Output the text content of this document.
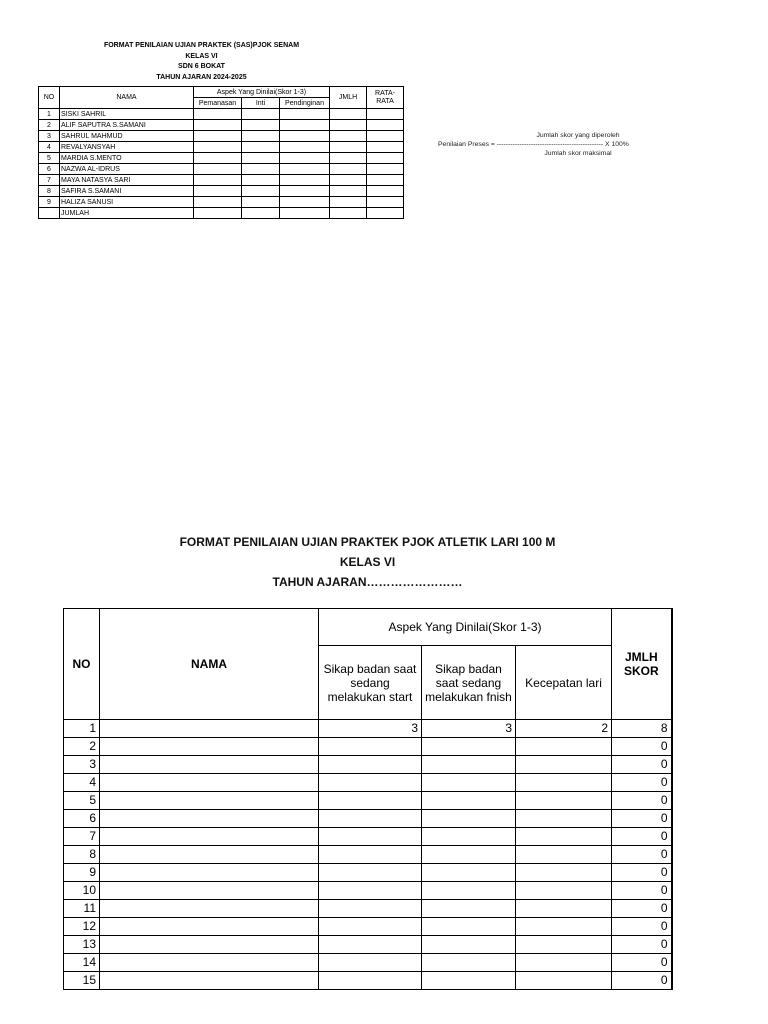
FORMAT PENILAIAN UJIAN PRAKTEK (SAS)PJOK SENAM
KELAS VI
SDN 6 BOKAT
TAHUN AJARAN 2024-2025
NO	NAMA	Aspek Yang Dinilai(Skor 1-3)			JMLH	RATA-RATA
		Pemanasan	Inti	Pendinginan		
1	SISKI SAHRIL					
2	ALIF SAPUTRA S.SAMANI					
3	SAHRUL MAHMUD					
4	REVALYANSYAH					
5	MARDIA S.MENTO					
6	NAZWA AL-IDRUS					
7	MAYA NATASYA SARI					
8	SAFIRA S.SAMANI					
9	HALIZA SANUSI					
	JUMLAH					
Jumlah skor yang diperoleh
Penilaian Preses = ----------------------------------------------- X 100%
Jumlah skor maksimal
FORMAT PENILAIAN UJIAN PRAKTEK PJOK ATLETIK LARI 100 M
KELAS VI
TAHUN AJARAN……………………
NO	NAMA	Aspek Yang Dinilai(Skor 1-3)			JMLH SKOR
		Sikap badan saat sedang melakukan start	Sikap badan saat sedang melakukan fnish	Kecepatan lari	
1		3	3	2	8
2					0
3					0
4					0
5					0
6					0
7					0
8					0
9					0
10					0
11					0
12					0
13					0
14					0
15					0
